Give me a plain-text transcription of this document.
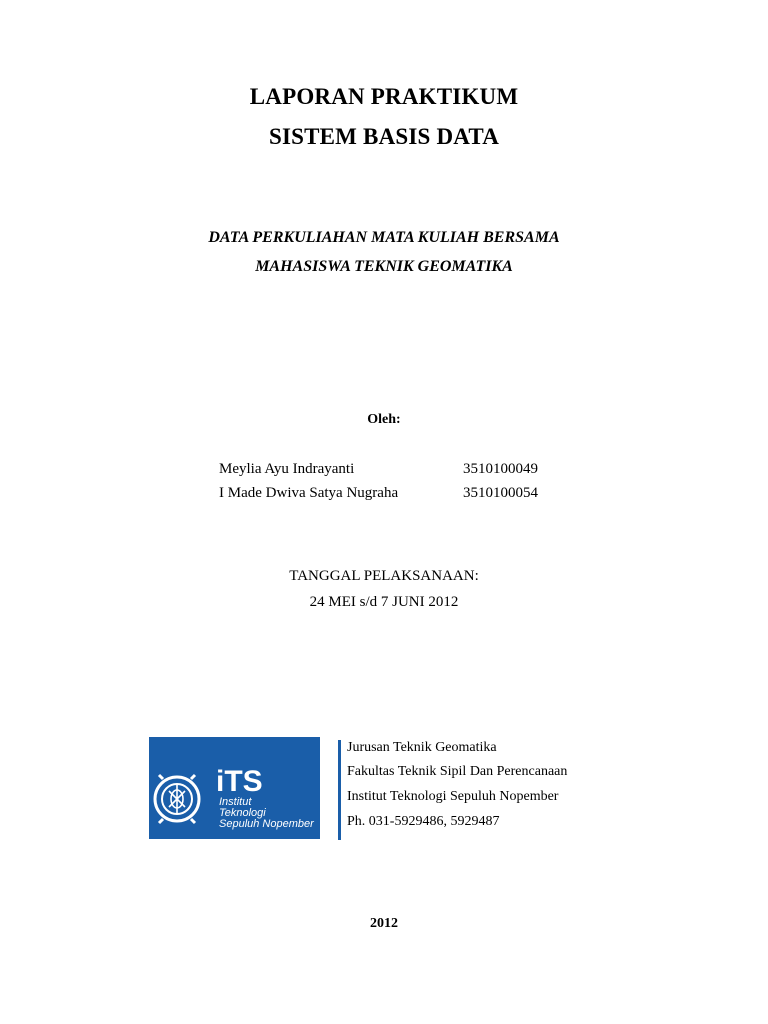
LAPORAN PRAKTIKUM
SISTEM BASIS DATA
DATA PERKULIAHAN MATA KULIAH BERSAMA
MAHASISWA TEKNIK GEOMATIKA
Oleh:
Meylia Ayu Indrayanti	3510100049
I Made Dwiva Satya Nugraha	3510100054
TANGGAL PELAKSANAAN:
24 MEI s/d 7 JUNI 2012
iTS
Institut
Teknologi
Sepuluh Nopember
Jurusan Teknik Geomatika
Fakultas Teknik Sipil Dan Perencanaan
Institut Teknologi Sepuluh Nopember
Ph. 031-5929486, 5929487
2012
